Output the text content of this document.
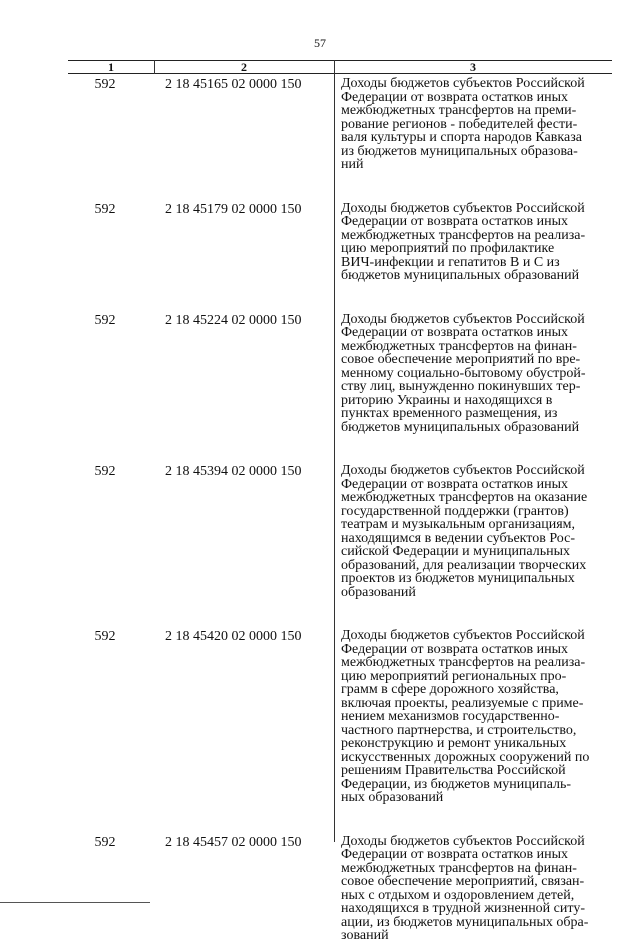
57
1	2	3
592	2 18 45165 02 0000 150	Доходы бюджетов субъектов Российской
Федерации от возврата остатков иных
межбюджетных трансфертов на преми-
рование регионов - победителей фести-
валя культуры и спорта народов Кавказа
из бюджетов муниципальных образова-
ний
592	2 18 45179 02 0000 150	Доходы бюджетов субъектов Российской
Федерации от возврата остатков иных
межбюджетных трансфертов на реализа-
цию мероприятий по профилактике
ВИЧ-инфекции и гепатитов В и С из
бюджетов муниципальных образований
592	2 18 45224 02 0000 150	Доходы бюджетов субъектов Российской
Федерации от возврата остатков иных
межбюджетных трансфертов на финан-
совое обеспечение мероприятий по вре-
менному социально-бытовому обустрой-
ству лиц, вынужденно покинувших тер-
риторию Украины и находящихся в
пунктах временного размещения, из
бюджетов муниципальных образований
592	2 18 45394 02 0000 150	Доходы бюджетов субъектов Российской
Федерации от возврата остатков иных
межбюджетных трансфертов на оказание
государственной поддержки (грантов)
театрам и музыкальным организациям,
находящимся в ведении субъектов Рос-
сийской Федерации и муниципальных
образований, для реализации творческих
проектов из бюджетов муниципальных
образований
592	2 18 45420 02 0000 150	Доходы бюджетов субъектов Российской
Федерации от возврата остатков иных
межбюджетных трансфертов на реализа-
цию мероприятий региональных про-
грамм в сфере дорожного хозяйства,
включая проекты, реализуемые с приме-
нением механизмов государственно-
частного партнерства, и строительство,
реконструкцию и ремонт уникальных
искусственных дорожных сооружений по
решениям Правительства Российской
Федерации, из бюджетов муниципаль-
ных образований
592	2 18 45457 02 0000 150	Доходы бюджетов субъектов Российской
Федерации от возврата остатков иных
межбюджетных трансфертов на финан-
совое обеспечение мероприятий, связан-
ных с отдыхом и оздоровлением детей,
находящихся в трудной жизненной ситу-
ации, из бюджетов муниципальных обра-
зований
